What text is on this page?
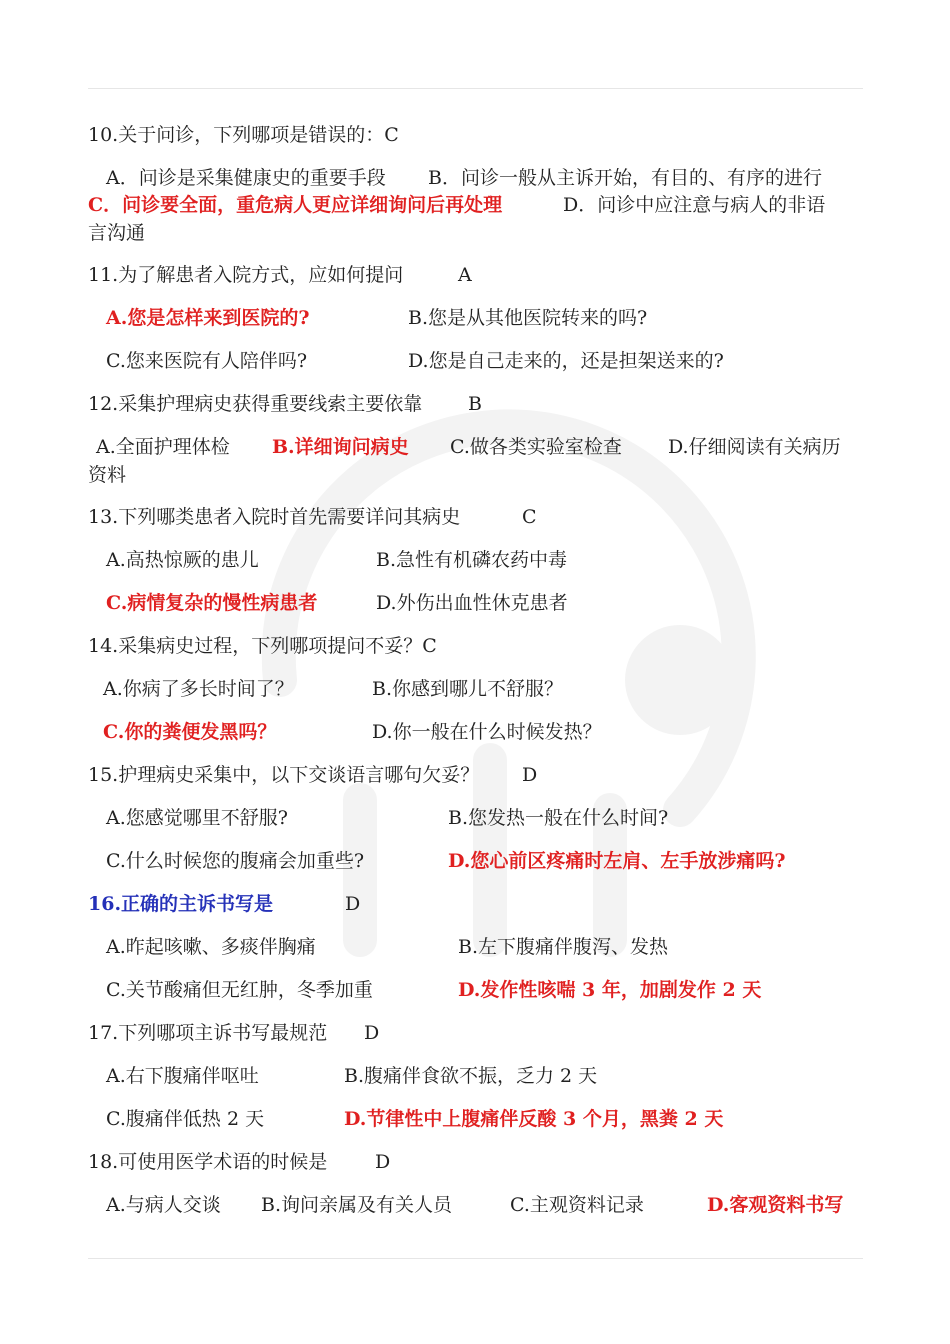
10.关于问诊，下列哪项是错误的：C
A．问诊是采集健康史的重要手段 B．问诊一般从主诉开始，有目的、有序的进行
C．问诊要全面，重危病人更应详细询问后再处理	D．问诊中应注意与病人的非语
言沟通
11.为了解患者入院方式，应如何提问	A
A.您是怎样来到医院的?	B.您是从其他医院转来的吗?
C.您来医院有人陪伴吗?	D.您是自己走来的，还是担架送来的?
12.采集护理病史获得重要线索主要依靠 B
A.全面护理体检 B.详细询问病史 C.做各类实验室检查 D.仔细阅读有关病历
资料
13.下列哪类患者入院时首先需要详问其病史	C
A.高热惊厥的患儿	B.急性有机磷农药中毒
C.病情复杂的慢性病患者	D.外伤出血性休克患者
14.采集病史过程，下列哪项提问不妥？C
A.你病了多长时间了？	B.你感到哪儿不舒服？
C.你的粪便发黑吗？	D.你一般在什么时候发热？
15.护理病史采集中，以下交谈语言哪句欠妥？ D
A.您感觉哪里不舒服?	B.您发热一般在什么时间?
C.什么时候您的腹痛会加重些?	D.您心前区疼痛时左肩、左手放涉痛吗?
16.正确的主诉书写是	D
A.昨起咳嗽、多痰伴胸痛	B.左下腹痛伴腹泻、发热
C.关节酸痛但无红肿，冬季加重	D.发作性咳喘 3 年，加剧发作 2 天
17.下列哪项主诉书写最规范 D
A.右下腹痛伴呕吐	B.腹痛伴食欲不振，乏力 2 天
C.腹痛伴低热 2 天	D.节律性中上腹痛伴反酸 3 个月，黑粪 2 天
18.可使用医学术语的时候是	D
A.与病人交谈 B.询问亲属及有关人员	C.主观资料记录	D.客观资料书写
